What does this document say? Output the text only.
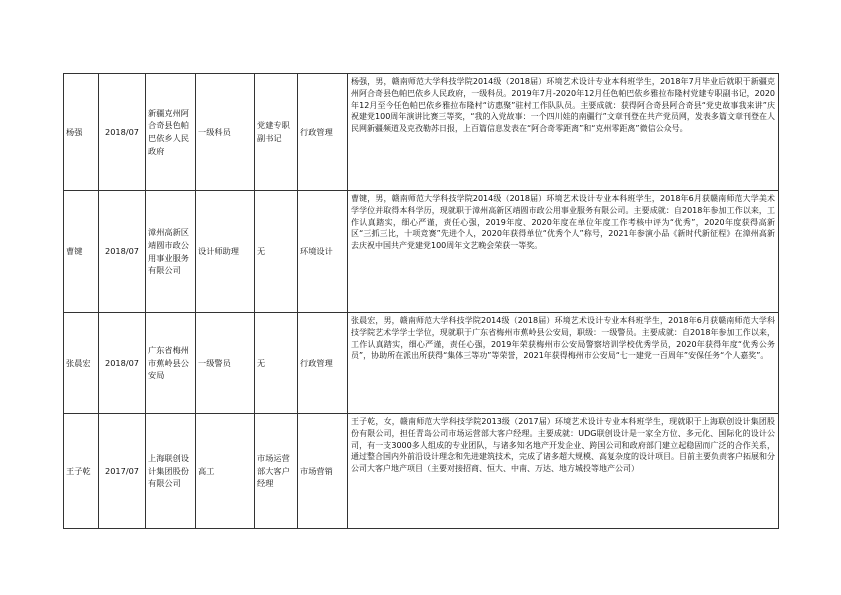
杨强	2018/07	新疆克州阿合奇县色帕巴依乡人民政府	一级科员	党建专职副书记	行政管理	杨强，男，赣南师范大学科技学院2014级（2018届）环境艺术设计专业本科班学生，2018年7月毕业后就职于新疆克州阿合奇县色帕巴依乡人民政府，一级科员。2019年7月-2020年12月任色帕巴依乡雅拉布隆村党建专职副书记，2020年12月至今任色帕巴依乡雅拉布隆村“访惠聚”驻村工作队队员。主要成就：获得阿合奇县阿合奇县“党史故事我来讲”庆祝建党100周年演讲比赛三等奖，“我的入党故事：一个四川娃的南疆行”文章刊登在共产党员网，发表多篇文章刊登在人民网新疆频道及克孜勒苏日报，上百篇信息发表在“阿合奇零距离”和“克州零距离”微信公众号。
曹键	2018/07	漳州高新区靖圆市政公用事业服务有限公司	设计师助理	无	环境设计	曹键，男，赣南师范大学科技学院2014级（2018届）环境艺术设计专业本科班学生，2018年6月获赣南师范大学美术学学位并取得本科学历，现就职于漳州高新区靖圆市政公用事业服务有限公司。主要成就：自2018年参加工作以来，工作认真踏实，细心严谨，责任心强，2019年度、2020年度在单位年度工作考核中评为“优秀”，2020年度获得高新区“三抓三比，十项竞赛”先进个人，2020年获得单位“优秀个人”称号，2021年参演小品《新时代新征程》在漳州高新去庆祝中国共产党建党100周年文艺晚会荣获一等奖。
张晨宏	2018/07	广东省梅州市蕉岭县公安局	一级警员	无	行政管理	张晨宏，男，赣南师范大学科技学院2014级（2018届）环境艺术设计专业本科班学生，2018年6月获赣南师范大学科技学院艺术学学士学位，现就职于广东省梅州市蕉岭县公安局，职级：一级警员。主要成就：自2018年参加工作以来，工作认真踏实，细心严谨，责任心强，2019年荣获梅州市公安局警察培训学校优秀学员，2020年获得年度“优秀公务员”，协助所在派出所获得“集体三等功”等荣誉，2021年获得梅州市公安局“七一建党一百周年”安保任务“个人嘉奖”。
王子乾	2017/07	上海联创设计集团股份有限公司	高工	市场运营部大客户经理	市场营销	王子乾，女，赣南师范大学科技学院2013级（2017届）环境艺术设计专业本科班学生，现就职于上海联创设计集团股份有限公司，担任青岛公司市场运营部大客户经理。主要成就：UDG联创设计是一家全方位、多元化、国际化的设计公司，有一支3000多人组成的专业团队，与诸多知名地产开发企业、跨国公司和政府部门建立起稳固而广泛的合作关系，通过整合国内外前沿设计理念和先进建筑技术，完成了诸多超大规模、高复杂度的设计项目。目前主要负责客户拓展和分公司大客户地产项目（主要对接招商、恒大、中南、万达、地方城投等地产公司）
